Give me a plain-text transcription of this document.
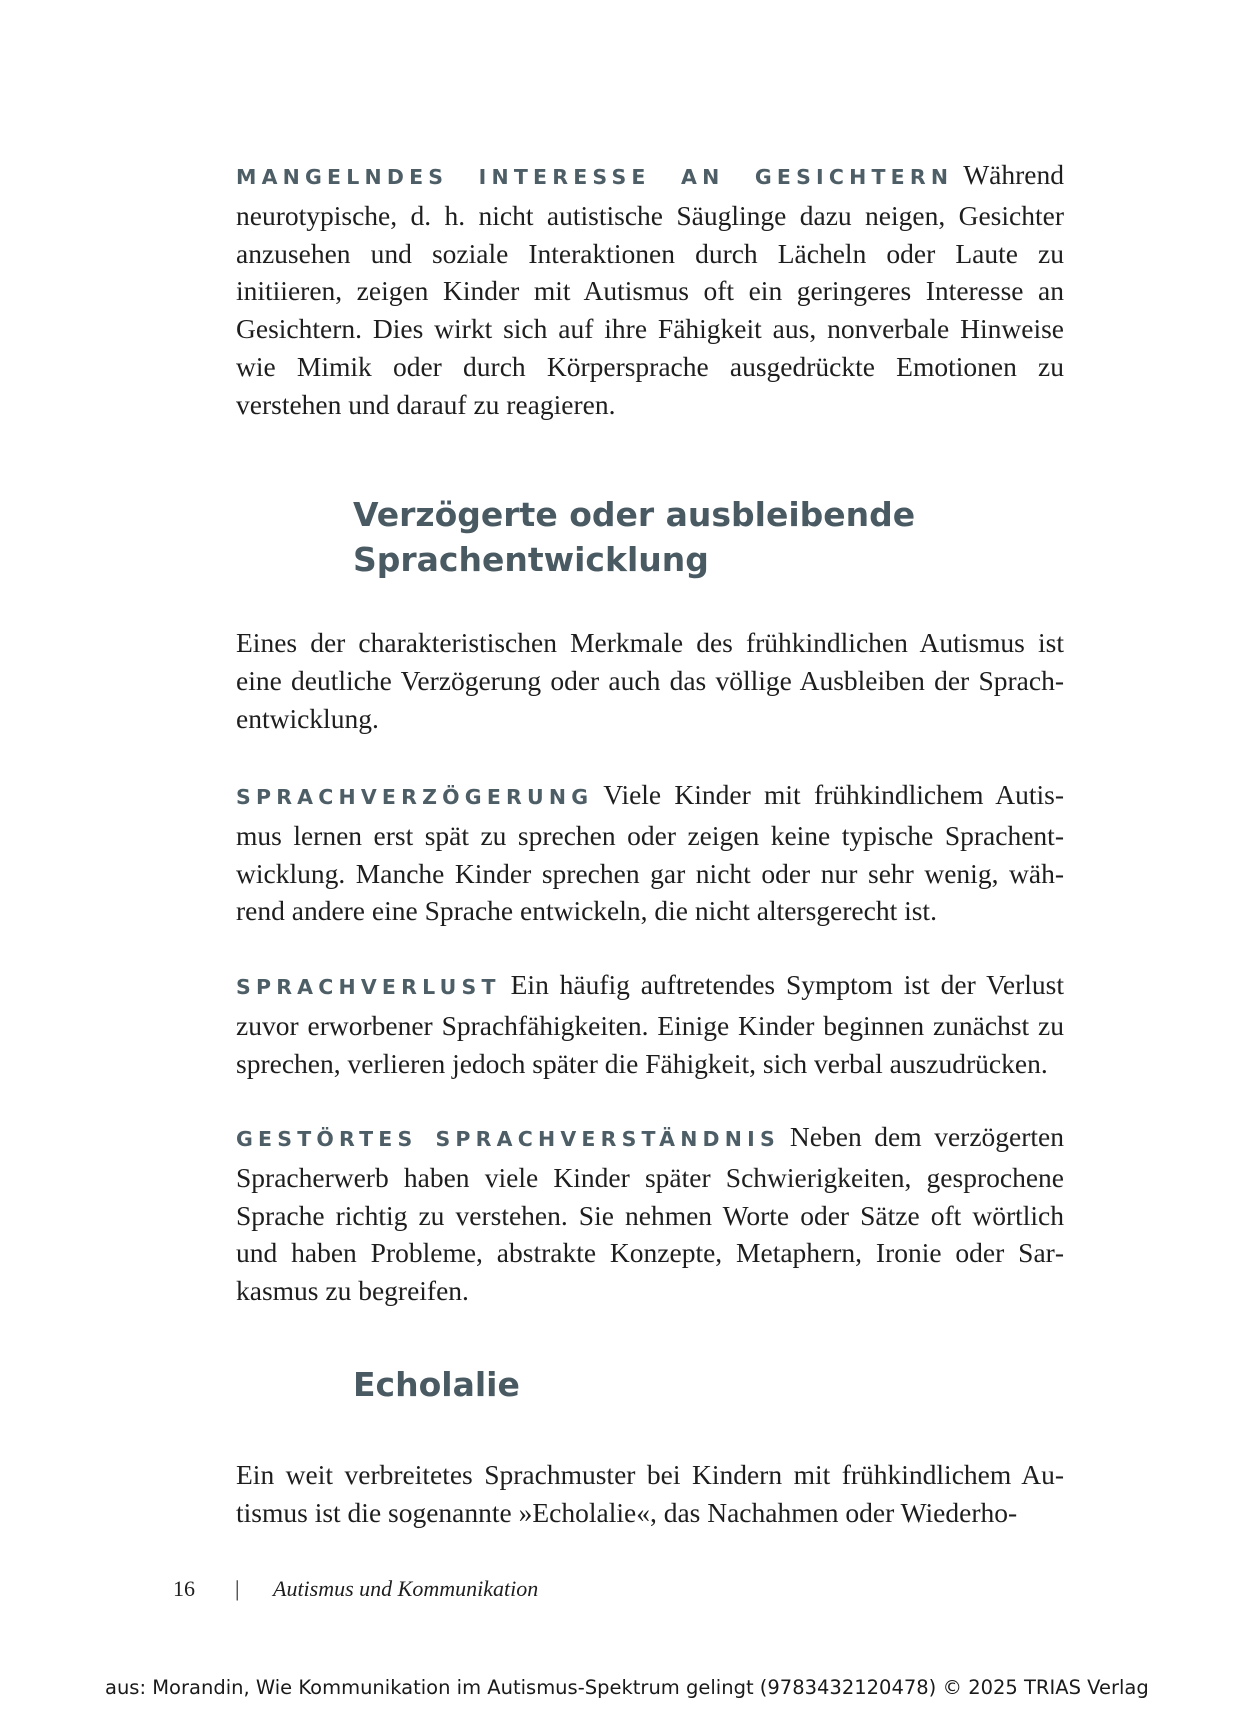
MANGELNDES INTERESSE AN GESICHTERN Während neurotypische, d. h. nicht autistische Säuglinge dazu neigen, Gesichter anzusehen und soziale Interaktionen durch Lächeln oder Laute zu initiieren, zeigen Kinder mit Autismus oft ein geringeres Interesse an Gesichtern. Dies wirkt sich auf ihre Fähigkeit aus, nonverbale Hinweise wie Mimik oder durch Körpersprache ausgedrückte Emotionen zu verstehen und darauf zu reagieren.

Verzögerte oder ausbleibende
Sprachentwicklung

Eines der charakteristischen Merkmale des frühkindlichen Autismus ist eine deutliche Verzögerung oder auch das völlige Ausbleiben der Sprachentwicklung.

SPRACHVERZÖGERUNG Viele Kinder mit frühkindlichem Autismus lernen erst spät zu sprechen oder zeigen keine typische Sprachentwicklung. Manche Kinder sprechen gar nicht oder nur sehr wenig, während andere eine Sprache entwickeln, die nicht altersgerecht ist.

SPRACHVERLUST Ein häufig auftretendes Symptom ist der Verlust zuvor erworbener Sprachfähigkeiten. Einige Kinder beginnen zunächst zu sprechen, verlieren jedoch später die Fähigkeit, sich verbal auszudrücken.

GESTÖRTES SPRACHVERSTÄNDNIS Neben dem verzögerten Spracherwerb haben viele Kinder später Schwierigkeiten, gesprochene Sprache richtig zu verstehen. Sie nehmen Worte oder Sätze oft wörtlich und haben Probleme, abstrakte Konzepte, Metaphern, Ironie oder Sarkasmus zu begreifen.

Echolalie

Ein weit verbreitetes Sprachmuster bei Kindern mit frühkindlichem Autismus ist die sogenannte »Echolalie«, das Nachahmen oder Wiederho-

16 | Autismus und Kommunikation
aus: Morandin, Wie Kommunikation im Autismus-Spektrum gelingt (9783432120478) © 2025 TRIAS Verlag
